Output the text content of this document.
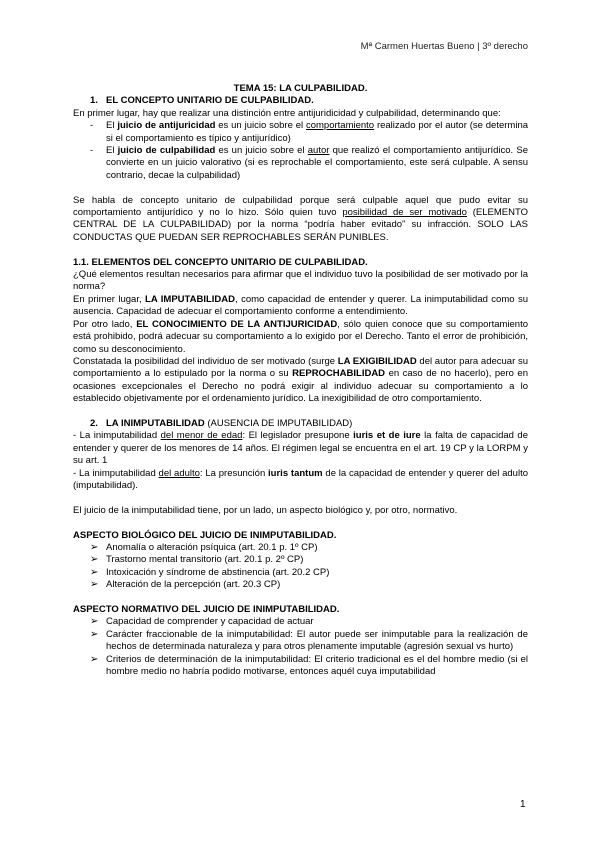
Mª Carmen Huertas Bueno | 3º derecho

TEMA 15: LA CULPABILIDAD.

1. EL CONCEPTO UNITARIO DE CULPABILIDAD.

En primer lugar, hay que realizar una distinción entre antijuridicidad y culpabilidad, determinando que:

- El juicio de antijuricidad es un juicio sobre el comportamiento realizado por el autor (se determina si el comportamiento es típico y antijurídico)
- El juicio de culpabilidad es un juicio sobre el autor que realizó el comportamiento antijurídico. Se convierte en un juicio valorativo (si es reprochable el comportamiento, este será culpable. A sensu contrario, decae la culpabilidad)

Se habla de concepto unitario de culpabilidad porque será culpable aquel que pudo evitar su comportamiento antijurídico y no lo hizo. Sólo quien tuvo posibilidad de ser motivado (ELEMENTO CENTRAL DE LA CULPABILIDAD) por la norma “podría haber evitado” su infracción. SOLO LAS CONDUCTAS QUE PUEDAN SER REPROCHABLES SERÁN PUNIBLES.

1.1. ELEMENTOS DEL CONCEPTO UNITARIO DE CULPABILIDAD.

¿Qué elementos resultan necesarios para afirmar que el individuo tuvo la posibilidad de ser motivado por la norma?

En primer lugar, LA IMPUTABILIDAD, como capacidad de entender y querer. La inimputabilidad como su ausencia. Capacidad de adecuar el comportamiento conforme a entendimiento.

Por otro lado, EL CONOCIMIENTO DE LA ANTIJURICIDAD, sólo quien conoce que su comportamiento está prohibido, podrá adecuar su comportamiento a lo exigido por el Derecho. Tanto el error de prohibición, como su desconocimiento.

Constatada la posibilidad del individuo de ser motivado (surge LA EXIGIBILIDAD del autor para adecuar su comportamiento a lo estipulado por la norma o su REPROCHABILIDAD en caso de no hacerlo), pero en ocasiones excepcionales el Derecho no podrá exigir al individuo adecuar su comportamiento a lo establecido objetivamente por el ordenamiento jurídico. La inexigibilidad de otro comportamiento.

2. LA INIMPUTABILIDAD (AUSENCIA DE IMPUTABILIDAD)

- La inimputabilidad del menor de edad: El legislador presupone iuris et de iure la falta de capacidad de entender y querer de los menores de 14 años. El régimen legal se encuentra en el art. 19 CP y la LORPM y su art. 1

- La inimputabilidad del adulto: La presunción iuris tantum de la capacidad de entender y querer del adulto (imputabilidad).

El juicio de la inimputabilidad tiene, por un lado, un aspecto biológico y, por otro, normativo.

ASPECTO BIOLÓGICO DEL JUICIO DE INIMPUTABILIDAD.

➢ Anomalía o alteración psíquica (art. 20.1 p. 1º CP)
➢ Trastorno mental transitorio (art. 20.1 p. 2º CP)
➢ Intoxicación y síndrome de abstinencia (art. 20.2 CP)
➢ Alteración de la percepción (art. 20.3 CP)

ASPECTO NORMATIVO DEL JUICIO DE INIMPUTABILIDAD.

➢ Capacidad de comprender y capacidad de actuar
➢ Carácter fraccionable de la inimputabilidad: El autor puede ser inimputable para la realización de hechos de determinada naturaleza y para otros plenamente imputable (agresión sexual vs hurto)
➢ Criterios de determinación de la inimputabilidad: El criterio tradicional es el del hombre medio (si el hombre medio no habría podido motivarse, entonces aquél cuya imputabilidad
1
